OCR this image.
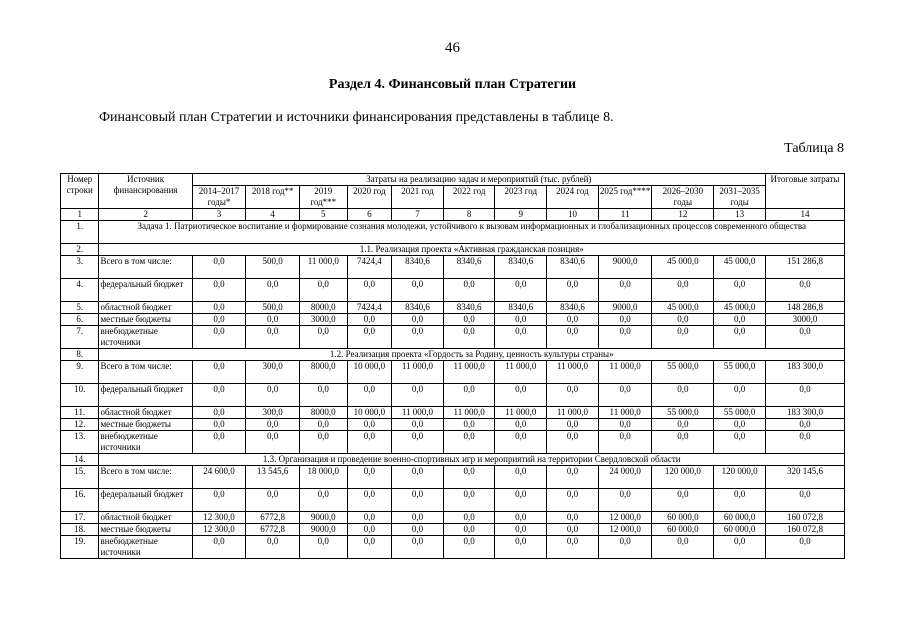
46
Раздел 4. Финансовый план Стратегии
Финансовый план Стратегии и источники финансирования представлены в таблице 8.
Таблица 8
Номер строки	Источник финансирования	Затраты на реализацию задач и мероприятий (тыс. рублей)											Итоговые затраты
		2014–2017 годы*	2018 год**	2019 год***	2020 год	2021 год	2022 год	2023 год	2024 год	2025 год****	2026–2030 годы	2031–2035 годы	
1	2	3	4	5	6	7	8	9	10	11	12	13	14
1.	Задача 1. Патриотическое воспитание и формирование сознания молодежи, устойчивого к вызовам информационных и глобализационных процессов современного общества												
2.	1.1. Реализация проекта «Активная гражданская позиция»												
3.	Всего в том числе:	0,0	500,0	11 000,0	7424,4	8340,6	8340,6	8340,6	8340,6	9000,0	45 000,0	45 000,0	151 286,8
4.	федеральный бюджет	0,0	0,0	0,0	0,0	0,0	0,0	0,0	0,0	0,0	0,0	0,0	0,0
5.	областной бюджет	0,0	500,0	8000,0	7424,4	8340,6	8340,6	8340,6	8340,6	9000,0	45 000,0	45 000,0	148 286,8
6.	местные бюджеты	0,0	0,0	3000,0	0,0	0,0	0,0	0,0	0,0	0,0	0,0	0,0	3000,0
7.	внебюджетные источники	0,0	0,0	0,0	0,0	0,0	0,0	0,0	0,0	0,0	0,0	0,0	0,0
8.	1.2. Реализация проекта «Гордость за Родину, ценность культуры страны»												
9.	Всего в том числе:	0,0	300,0	8000,0	10 000,0	11 000,0	11 000,0	11 000,0	11 000,0	11 000,0	55 000,0	55 000,0	183 300,0
10.	федеральный бюджет	0,0	0,0	0,0	0,0	0,0	0,0	0,0	0,0	0,0	0,0	0,0	0,0
11.	областной бюджет	0,0	300,0	8000,0	10 000,0	11 000,0	11 000,0	11 000,0	11 000,0	11 000,0	55 000,0	55 000,0	183 300,0
12.	местные бюджеты	0,0	0,0	0,0	0,0	0,0	0,0	0,0	0,0	0,0	0,0	0,0	0,0
13.	внебюджетные источники	0,0	0,0	0,0	0,0	0,0	0,0	0,0	0,0	0,0	0,0	0,0	0,0
14.	1.3. Организация и проведение военно-спортивных игр и мероприятий на территории Свердловской области												
15.	Всего в том числе:	24 600,0	13 545,6	18 000,0	0,0	0,0	0,0	0,0	0,0	24 000,0	120 000,0	120 000,0	320 145,6
16.	федеральный бюджет	0,0	0,0	0,0	0,0	0,0	0,0	0,0	0,0	0,0	0,0	0,0	0,0
17.	областной бюджет	12 300,0	6772,8	9000,0	0,0	0,0	0,0	0,0	0,0	12 000,0	60 000,0	60 000,0	160 072,8
18.	местные бюджеты	12 300,0	6772,8	9000,0	0,0	0,0	0,0	0,0	0,0	12 000,0	60 000,0	60 000,0	160 072,8
19.	внебюджетные источники	0,0	0,0	0,0	0,0	0,0	0,0	0,0	0,0	0,0	0,0	0,0	0,0
